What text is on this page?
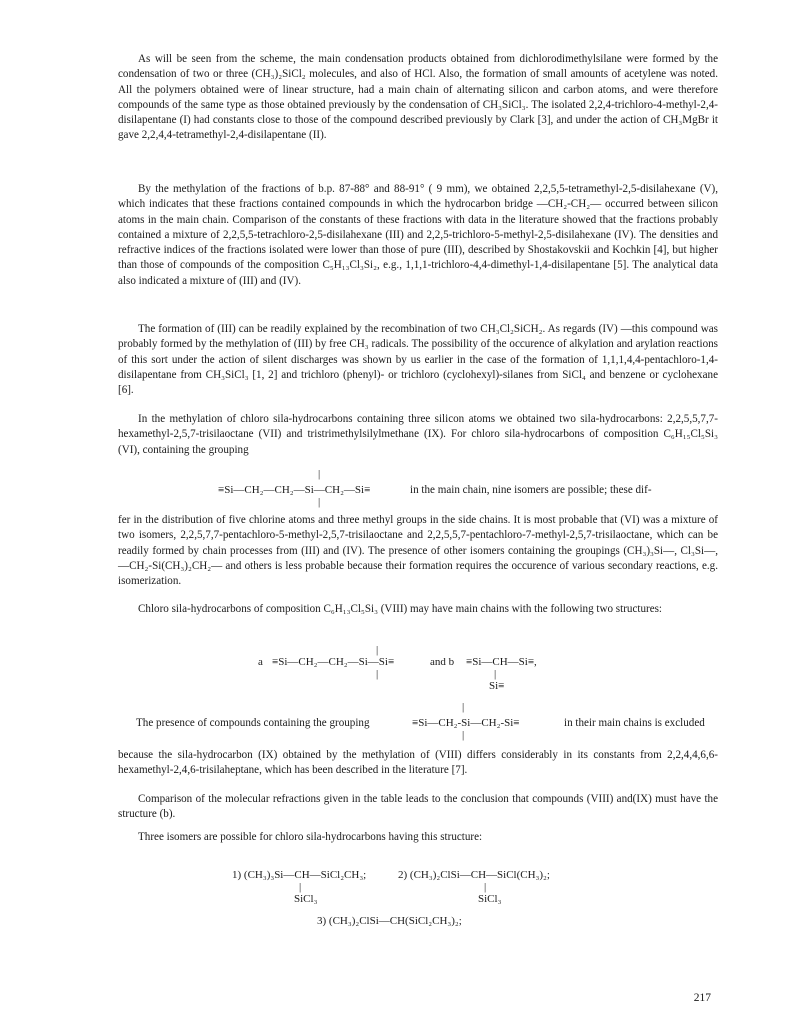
As will be seen from the scheme, the main condensation products obtained from dichlorodimethylsilane were formed by the condensation of two or three (CH₃)₂SiCl₂ molecules, and also of HCl. Also, the formation of small amounts of acetylene was noted. All the polymers obtained were of linear structure, had a main chain of alternating silicon and carbon atoms, and were therefore compounds of the same type as those obtained previously by the condensation of CH₃SiCl₃. The isolated 2,2,4-trichloro-4-methyl-2,4-disilapentane (I) had constants close to those of the compound described previously by Clark [3], and under the action of CH₃MgBr it gave 2,2,4,4-tetramethyl-2,4-disilapentane (II).

By the methylation of the fractions of b.p. 87-88° and 88-91° ( 9 mm), we obtained 2,2,5,5-tetramethyl-2,5-disilahexane (V), which indicates that these fractions contained compounds in which the hydrocarbon bridge —CH₂-CH₂— occurred between silicon atoms in the main chain. Comparison of the constants of these fractions with data in the literature showed that the fractions probably contained a mixture of 2,2,5,5-tetrachloro-2,5-disilahexane (III) and 2,2,5-trichloro-5-methyl-2,5-disilahexane (IV). The densities and refractive indices of the fractions isolated were lower than those of pure (III), described by Shostakovskii and Kochkin [4], but higher than those of compounds of the composition C₅H₁₃Cl₃Si₂, e.g., 1,1,1-trichloro-4,4-dimethyl-1,4-disilapentane [5]. The analytical data also indicated a mixture of (III) and (IV).

The formation of (III) can be readily explained by the recombination of two CH₃Cl₂SiCH₂. As regards (IV) —this compound was probably formed by the methylation of (III) by free CH₃ radicals. The possibility of the occurence of alkylation and arylation reactions of this sort under the action of silent discharges was shown by us earlier in the case of the formation of 1,1,1,4,4-pentachloro-1,4-disilapentane from CH₃SiCl₃ [1, 2] and trichloro (phenyl)- or trichloro (cyclohexyl)-silanes from SiCl₄ and benzene or cyclohexane [6].

In the methylation of chloro sila-hydrocarbons containing three silicon atoms we obtained two sila-hydrocarbons: 2,2,5,5,7,7-hexamethyl-2,5,7-trisilaoctane (VII) and tristrimethylsilylmethane (IX). For chloro sila-hydrocarbons of composition C₆H₁₅Cl₅Si₃ (VI), containing the grouping

|
≡Si—CH₂—CH₂—Si—CH₂—Si≡
|
in the main chain, nine isomers are possible; these dif-

fer in the distribution of five chlorine atoms and three methyl groups in the side chains. It is most probable that (VI) was a mixture of two isomers, 2,2,5,7,7-pentachloro-5-methyl-2,5,7-trisilaoctane and 2,2,5,5,7-pentachloro-7-methyl-2,5,7-trisilaoctane, which can be readily formed by chain processes from (III) and (IV). The presence of other isomers containing the groupings (CH₃)₃Si—, Cl₃Si—, —CH₂-Si(CH₃)₂CH₂— and others is less probable because their formation requires the occurence of various secondary reactions, e.g. isomerization.

Chloro sila-hydrocarbons of composition C₆H₁₃Cl₅Si₃ (VIII) may have main chains with the following two structures:

|
a ≡Si—CH₂—CH₂—Si—Si≡
|
and b ≡Si—CH—Si≡,
|
Si≡
|
The presence of compounds containing the grouping	≡Si—CH₂-Si—CH₂-Si≡	in their main chains is excluded
|

because the sila-hydrocarbon (IX) obtained by the methylation of (VIII) differs considerably in its constants from 2,2,4,4,6,6-hexamethyl-2,4,6-trisilaheptane, which has been described in the literature [7].

Comparison of the molecular refractions given in the table leads to the conclusion that compounds (VIII) and(IX) must have the structure (b).

Three isomers are possible for chloro sila-hydrocarbons having this structure:

1) (CH₃)₃Si—CH—SiCl₂CH₃;
|
SiCl₃
2) (CH₃)₂ClSi—CH—SiCl(CH₃)₂;
|
SiCl₃
3) (CH₃)₂ClSi—CH(SiCl₂CH₃)₂;
217
